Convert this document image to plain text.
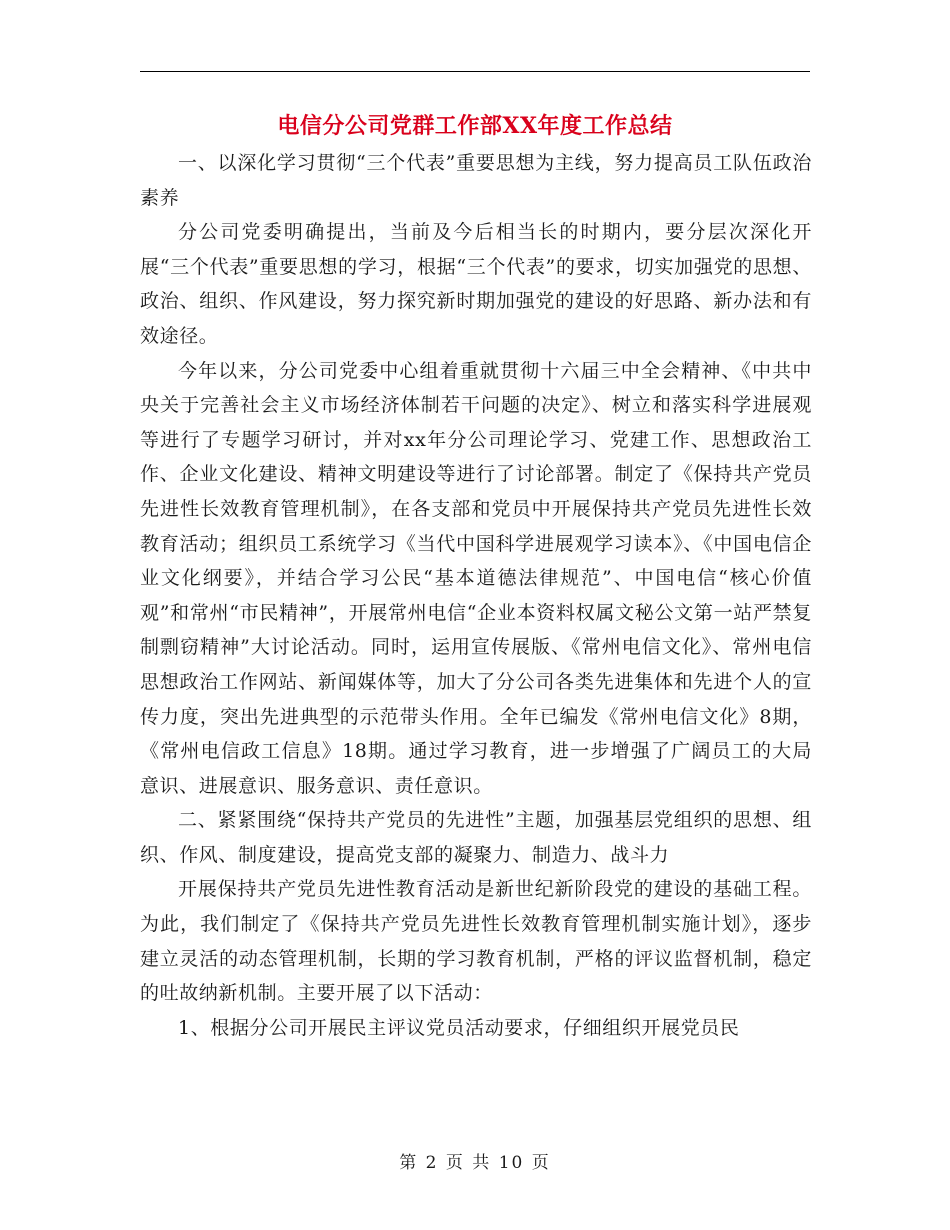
电信分公司党群工作部XX年度工作总结

一、以深化学习贯彻“三个代表”重要思想为主线，努力提高员工队伍政治素养

分公司党委明确提出，当前及今后相当长的时期内，要分层次深化开展“三个代表”重要思想的学习，根据“三个代表”的要求，切实加强党的思想、政治、组织、作风建设，努力探究新时期加强党的建设的好思路、新办法和有效途径。

今年以来，分公司党委中心组着重就贯彻十六届三中全会精神、《中共中央关于完善社会主义市场经济体制若干问题的决定》、树立和落实科学进展观等进行了专题学习研讨，并对xx年分公司理论学习、党建工作、思想政治工作、企业文化建设、精神文明建设等进行了讨论部署。制定了《保持共产党员先进性长效教育管理机制》，在各支部和党员中开展保持共产党员先进性长效教育活动；组织员工系统学习《当代中国科学进展观学习读本》、《中国电信企业文化纲要》，并结合学习公民“基本道德法律规范”、中国电信“核心价值观”和常州“市民精神”，开展常州电信“企业本资料权属文秘公文第一站严禁复制剽窃精神”大讨论活动。同时，运用宣传展版、《常州电信文化》、常州电信思想政治工作网站、新闻媒体等，加大了分公司各类先进集体和先进个人的宣传力度，突出先进典型的示范带头作用。全年已编发《常州电信文化》8期，《常州电信政工信息》18期。通过学习教育，进一步增强了广阔员工的大局意识、进展意识、服务意识、责任意识。

二、紧紧围绕“保持共产党员的先进性”主题，加强基层党组织的思想、组织、作风、制度建设，提高党支部的凝聚力、制造力、战斗力

开展保持共产党员先进性教育活动是新世纪新阶段党的建设的基础工程。为此，我们制定了《保持共产党员先进性长效教育管理机制实施计划》，逐步建立灵活的动态管理机制，长期的学习教育机制，严格的评议监督机制，稳定的吐故纳新机制。主要开展了以下活动：

1、根据分公司开展民主评议党员活动要求，仔细组织开展党员民

第 2 页 共 10 页
